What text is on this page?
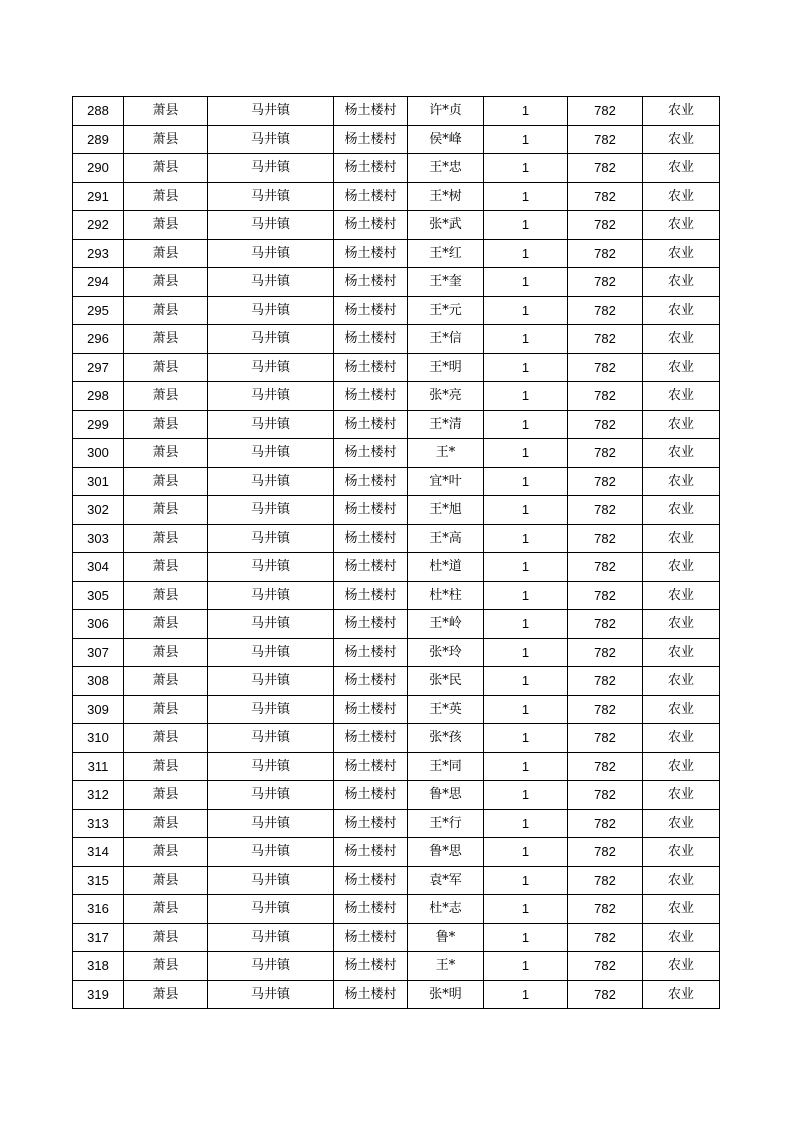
288	萧县	马井镇	杨土楼村	许*贞	1	782	农业
289	萧县	马井镇	杨土楼村	侯*峰	1	782	农业
290	萧县	马井镇	杨土楼村	王*忠	1	782	农业
291	萧县	马井镇	杨土楼村	王*树	1	782	农业
292	萧县	马井镇	杨土楼村	张*武	1	782	农业
293	萧县	马井镇	杨土楼村	王*红	1	782	农业
294	萧县	马井镇	杨土楼村	王*奎	1	782	农业
295	萧县	马井镇	杨土楼村	王*元	1	782	农业
296	萧县	马井镇	杨土楼村	王*信	1	782	农业
297	萧县	马井镇	杨土楼村	王*明	1	782	农业
298	萧县	马井镇	杨土楼村	张*亮	1	782	农业
299	萧县	马井镇	杨土楼村	王*清	1	782	农业
300	萧县	马井镇	杨土楼村	王*	1	782	农业
301	萧县	马井镇	杨土楼村	宜*叶	1	782	农业
302	萧县	马井镇	杨土楼村	王*旭	1	782	农业
303	萧县	马井镇	杨土楼村	王*高	1	782	农业
304	萧县	马井镇	杨土楼村	杜*道	1	782	农业
305	萧县	马井镇	杨土楼村	杜*柱	1	782	农业
306	萧县	马井镇	杨土楼村	王*岭	1	782	农业
307	萧县	马井镇	杨土楼村	张*玲	1	782	农业
308	萧县	马井镇	杨土楼村	张*民	1	782	农业
309	萧县	马井镇	杨土楼村	王*英	1	782	农业
310	萧县	马井镇	杨土楼村	张*孩	1	782	农业
311	萧县	马井镇	杨土楼村	王*同	1	782	农业
312	萧县	马井镇	杨土楼村	鲁*思	1	782	农业
313	萧县	马井镇	杨土楼村	王*行	1	782	农业
314	萧县	马井镇	杨土楼村	鲁*思	1	782	农业
315	萧县	马井镇	杨土楼村	袁*军	1	782	农业
316	萧县	马井镇	杨土楼村	杜*志	1	782	农业
317	萧县	马井镇	杨土楼村	鲁*	1	782	农业
318	萧县	马井镇	杨土楼村	王*	1	782	农业
319	萧县	马井镇	杨土楼村	张*明	1	782	农业
